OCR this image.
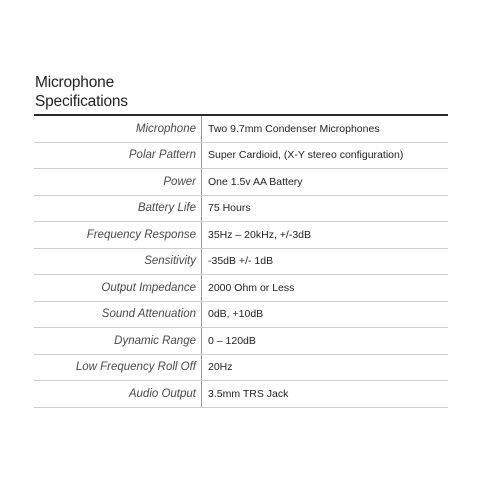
Microphone
Specifications
Microphone	Two 9.7mm Condenser Microphones
Polar Pattern	Super Cardioid, (X-Y stereo configuration)
Power	One 1.5v AA Battery
Battery Life	75 Hours
Frequency Response	35Hz – 20kHz, +/-3dB
Sensitivity	-35dB +/- 1dB
Output Impedance	2000 Ohm or Less
Sound Attenuation	0dB, +10dB
Dynamic Range	0 – 120dB
Low Frequency Roll Off	20Hz
Audio Output	3.5mm TRS Jack
